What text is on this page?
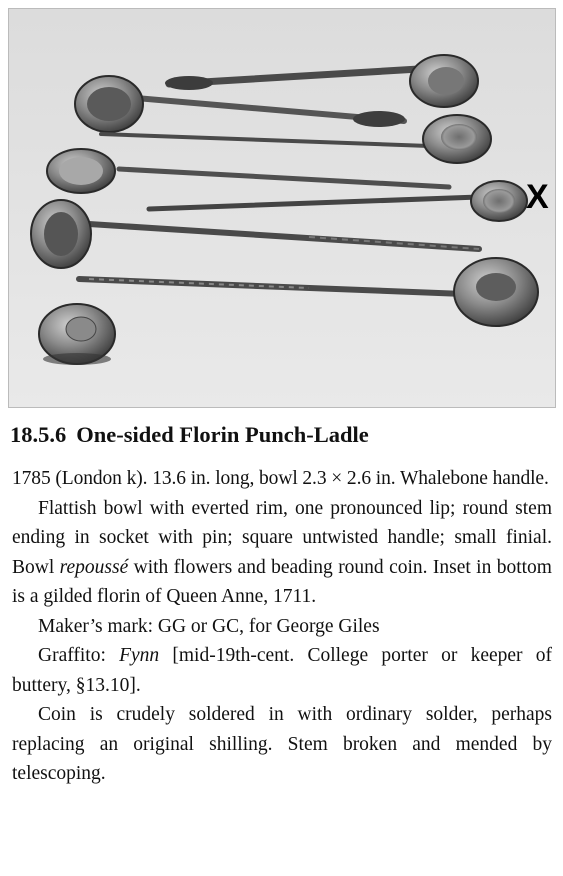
X
18.5.6 One-sided Florin Punch-Ladle

1785 (London k). 13.6 in. long, bowl 2.3 × 2.6 in. Whalebone handle.

Flattish bowl with everted rim, one pronounced lip; round stem ending in socket with pin; square untwisted handle; small finial. Bowl repoussé with flowers and beading round coin. Inset in bottom is a gilded florin of Queen Anne, 1711.

Maker’s mark: GG or GC, for George Giles

Graffito: Fynn [mid-19th-cent. College porter or keeper of buttery, §13.10].

Coin is crudely soldered in with ordinary solder, perhaps replacing an original shilling. Stem broken and mended by telescoping.
